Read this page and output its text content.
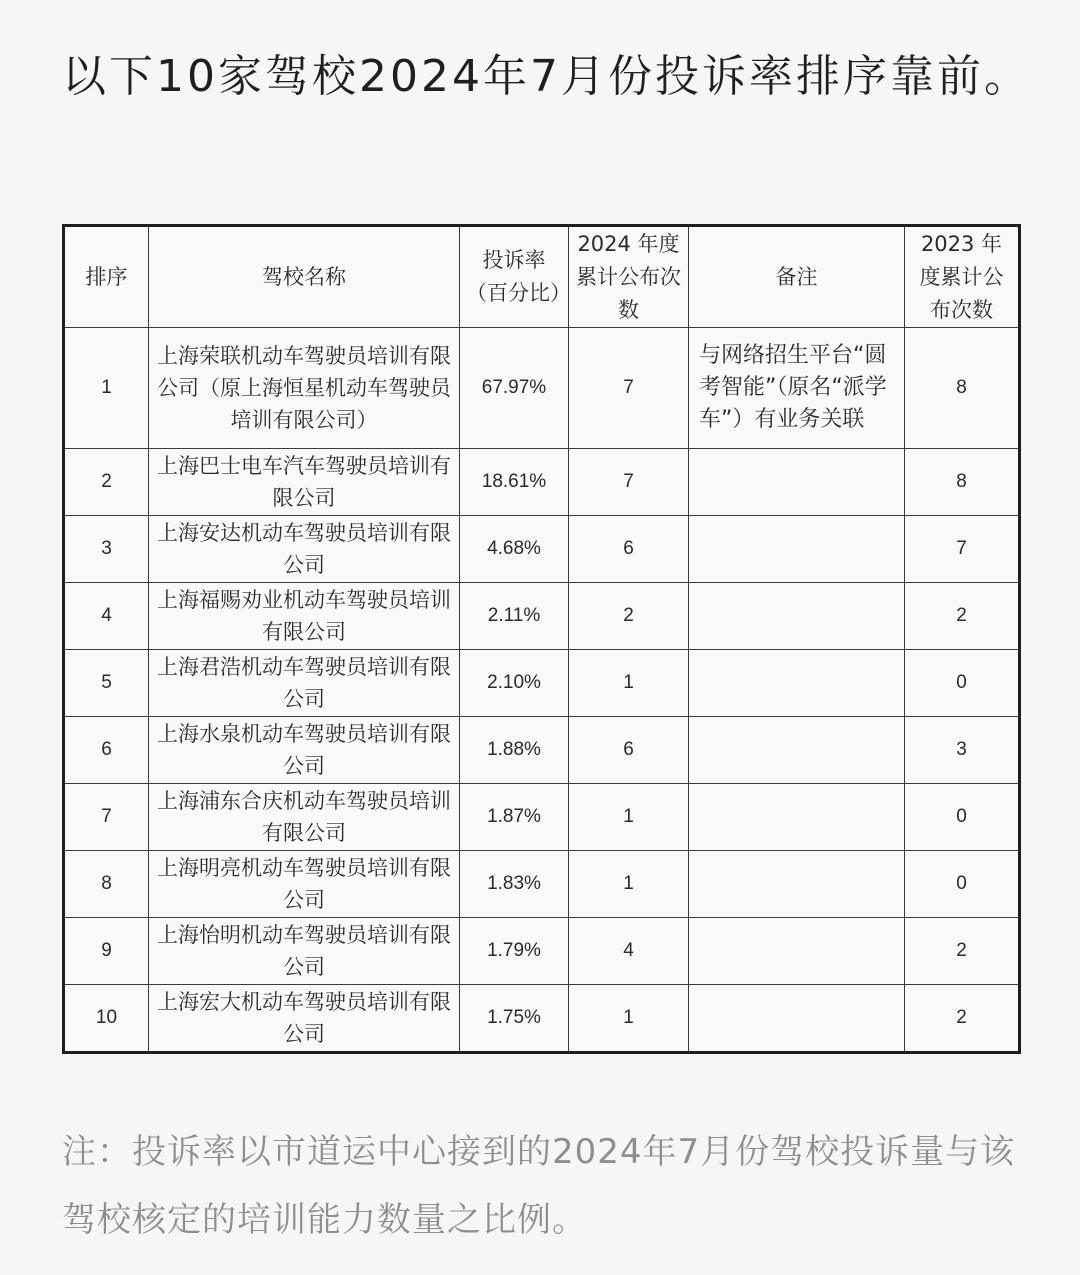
以下10家驾校2024年7月份投诉率排序靠前。
排序	驾校名称	投诉率（百分比）	2024 年度累计公布次数	备注	2023 年度累计公布次数
1	上海荣联机动车驾驶员培训有限公司（原上海恒星机动车驾驶员培训有限公司）	67.97%	7	与网络招生平台“圆考智能”（原名“派学车”）有业务关联	8
2	上海巴士电车汽车驾驶员培训有限公司	18.61%	7		8
3	上海安达机动车驾驶员培训有限公司	4.68%	6		7
4	上海福赐劝业机动车驾驶员培训有限公司	2.11%	2		2
5	上海君浩机动车驾驶员培训有限公司	2.10%	1		0
6	上海水泉机动车驾驶员培训有限公司	1.88%	6		3
7	上海浦东合庆机动车驾驶员培训有限公司	1.87%	1		0
8	上海明亮机动车驾驶员培训有限公司	1.83%	1		0
9	上海怡明机动车驾驶员培训有限公司	1.79%	4		2
10	上海宏大机动车驾驶员培训有限公司	1.75%	1		2

注：投诉率以市道运中心接到的2024年7月份驾校投诉量与该驾校核定的培训能力数量之比例。
